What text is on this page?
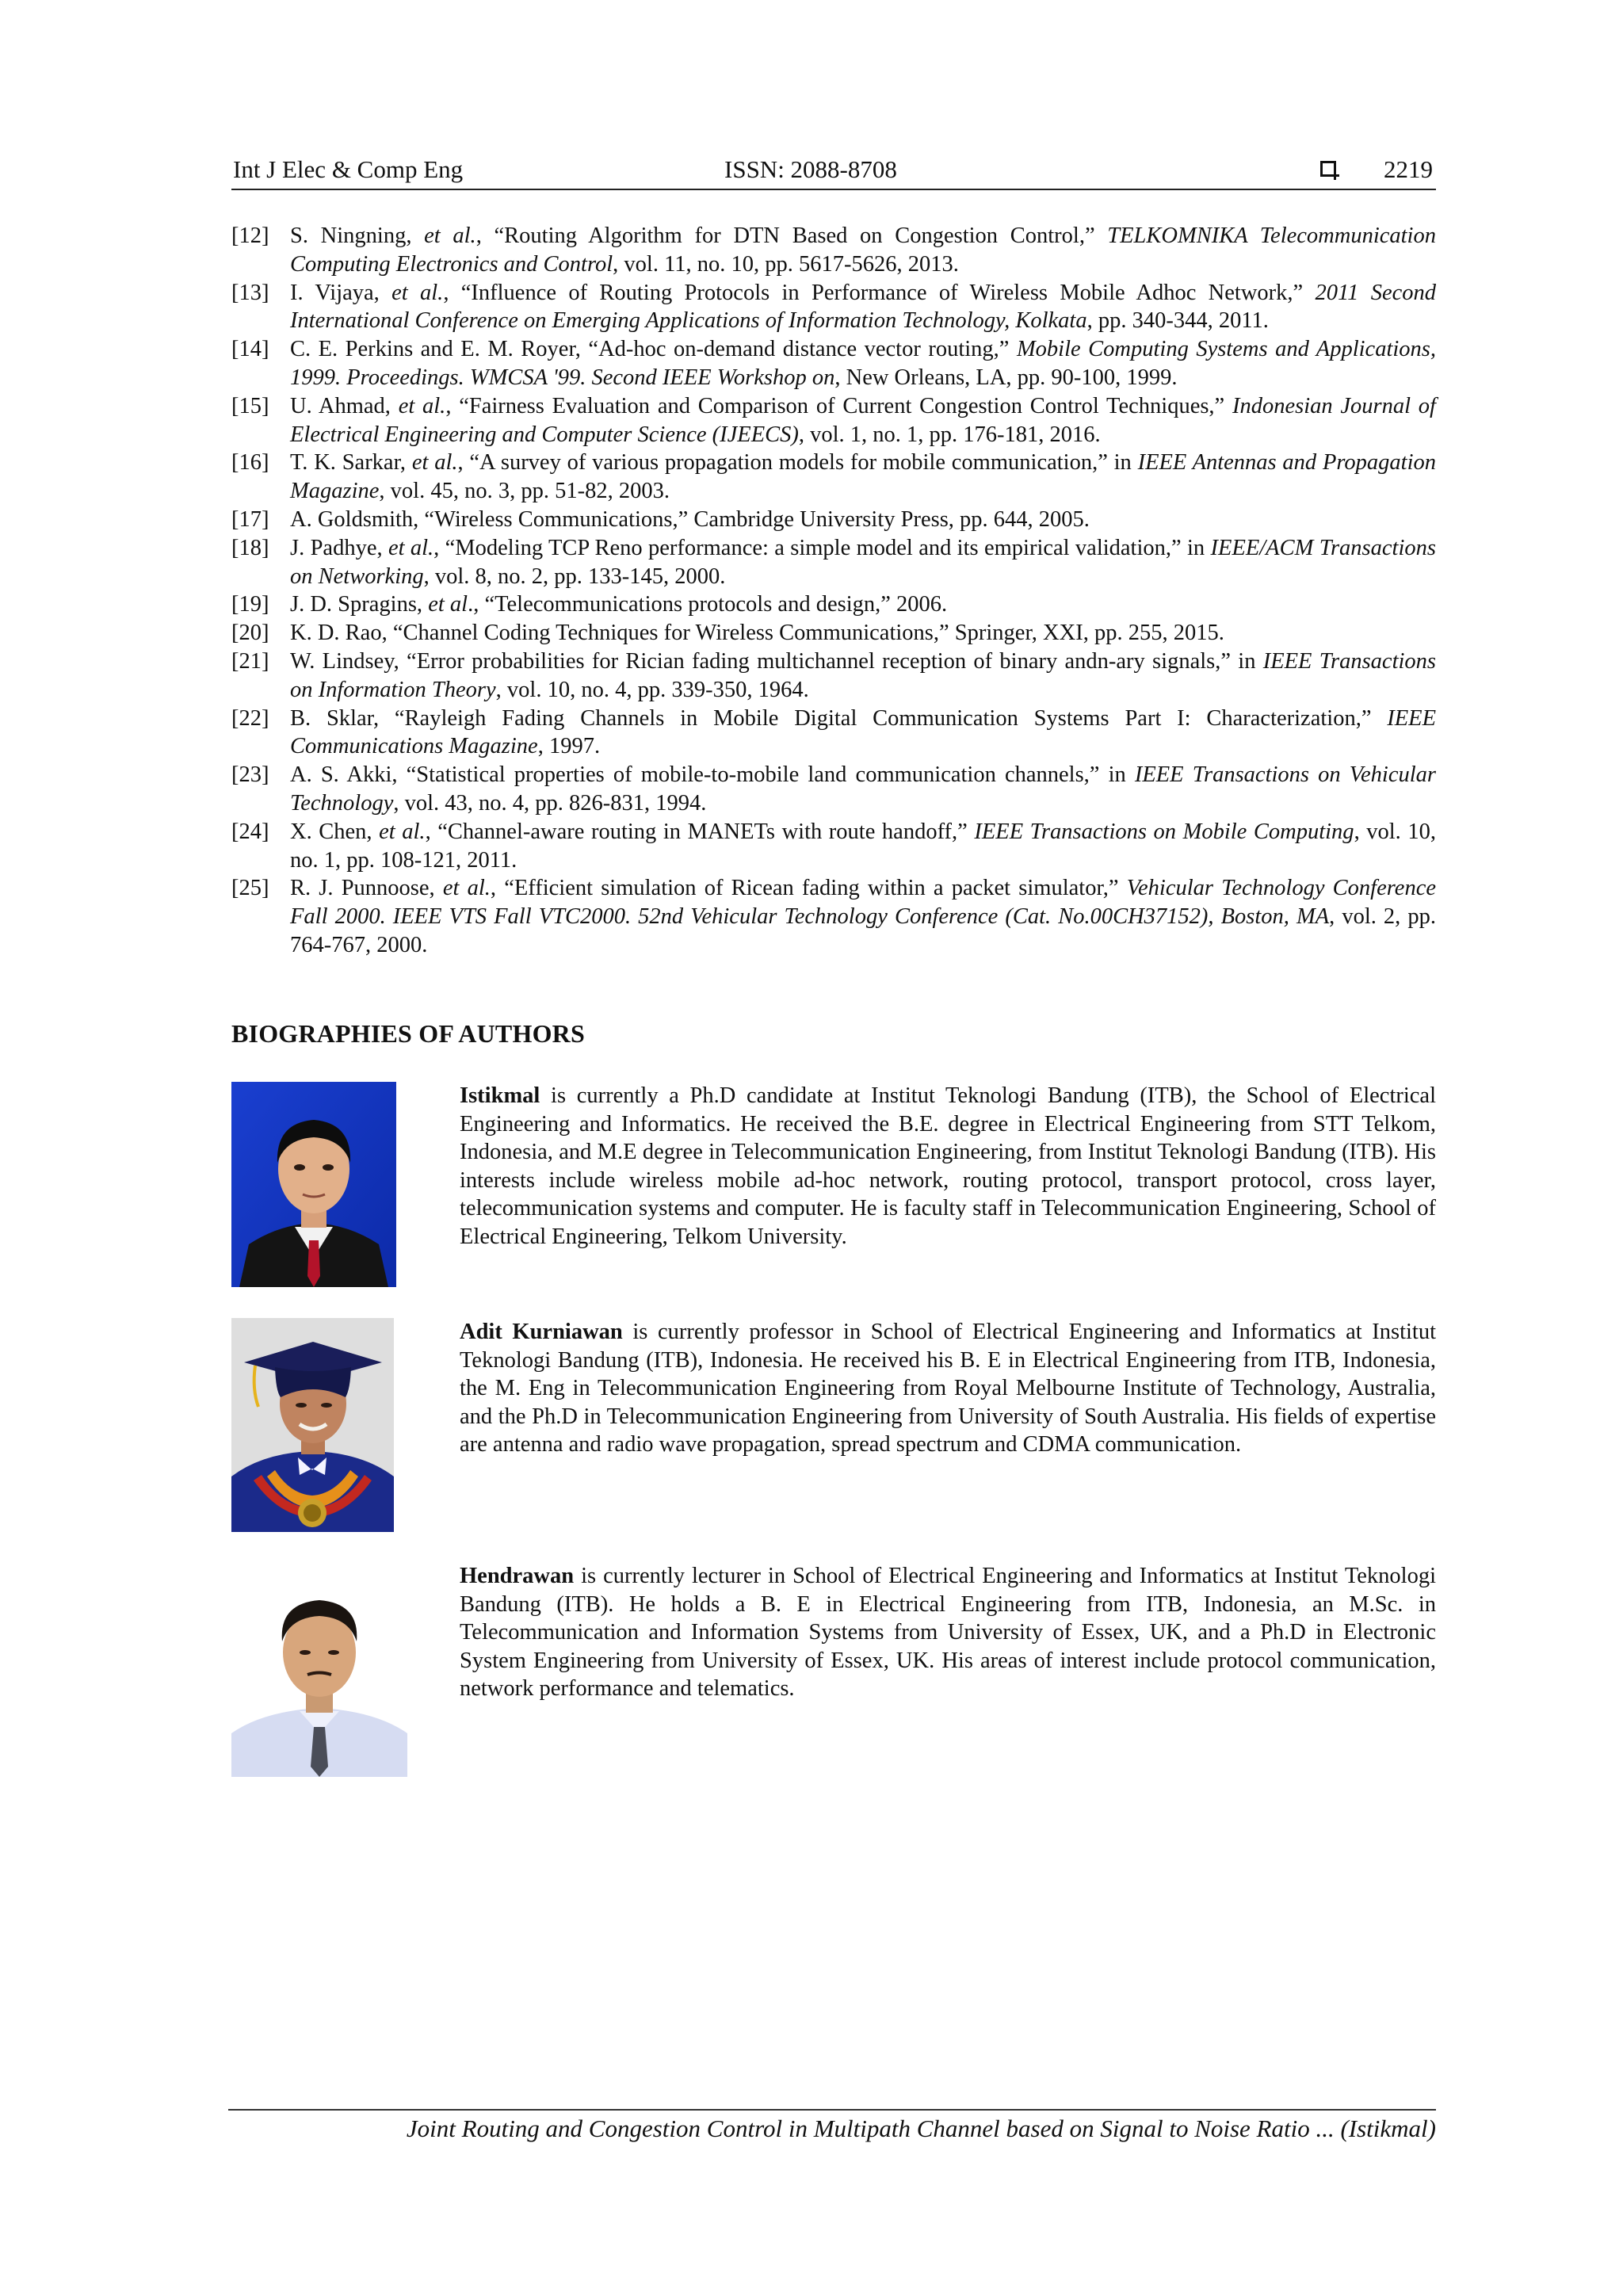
Int J Elec & Comp Eng	ISSN: 2088-8708	2219
[12] S. Ningning, et al., “Routing Algorithm for DTN Based on Congestion Control,” TELKOMNIKA Telecommunication Computing Electronics and Control, vol. 11, no. 10, pp. 5617-5626, 2013.
[13] I. Vijaya, et al., “Influence of Routing Protocols in Performance of Wireless Mobile Adhoc Network,” 2011 Second International Conference on Emerging Applications of Information Technology, Kolkata, pp. 340-344, 2011.
[14] C. E. Perkins and E. M. Royer, “Ad-hoc on-demand distance vector routing,” Mobile Computing Systems and Applications, 1999. Proceedings. WMCSA '99. Second IEEE Workshop on, New Orleans, LA, pp. 90-100, 1999.
[15] U. Ahmad, et al., “Fairness Evaluation and Comparison of Current Congestion Control Techniques,” Indonesian Journal of Electrical Engineering and Computer Science (IJEECS), vol. 1, no. 1, pp. 176-181, 2016.
[16] T. K. Sarkar, et al., “A survey of various propagation models for mobile communication,” in IEEE Antennas and Propagation Magazine, vol. 45, no. 3, pp. 51-82, 2003.
[17] A. Goldsmith, “Wireless Communications,” Cambridge University Press, pp. 644, 2005.
[18] J. Padhye, et al., “Modeling TCP Reno performance: a simple model and its empirical validation,” in IEEE/ACM Transactions on Networking, vol. 8, no. 2, pp. 133-145, 2000.
[19] J. D. Spragins, et al., “Telecommunications protocols and design,” 2006.
[20] K. D. Rao, “Channel Coding Techniques for Wireless Communications,” Springer, XXI, pp. 255, 2015.
[21] W. Lindsey, “Error probabilities for Rician fading multichannel reception of binary andn-ary signals,” in IEEE Transactions on Information Theory, vol. 10, no. 4, pp. 339-350, 1964.
[22] B. Sklar, “Rayleigh Fading Channels in Mobile Digital Communication Systems Part I: Characterization,” IEEE Communications Magazine, 1997.
[23] A. S. Akki, “Statistical properties of mobile-to-mobile land communication channels,” in IEEE Transactions on Vehicular Technology, vol. 43, no. 4, pp. 826-831, 1994.
[24] X. Chen, et al., “Channel-aware routing in MANETs with route handoff,” IEEE Transactions on Mobile Computing, vol. 10, no. 1, pp. 108-121, 2011.
[25] R. J. Punnoose, et al., “Efficient simulation of Ricean fading within a packet simulator,” Vehicular Technology Conference Fall 2000. IEEE VTS Fall VTC2000. 52nd Vehicular Technology Conference (Cat. No.00CH37152), Boston, MA, vol. 2, pp. 764-767, 2000.
BIOGRAPHIES OF AUTHORS
Istikmal is currently a Ph.D candidate at Institut Teknologi Bandung (ITB), the School of Electrical Engineering and Informatics. He received the B.E. degree in Electrical Engineering from STT Telkom, Indonesia, and M.E degree in Telecommunication Engineering, from Institut Teknologi Bandung (ITB). His interests include wireless mobile ad-hoc network, routing protocol, transport protocol, cross layer, telecommunication systems and computer. He is faculty staff in Telecommunication Engineering, School of Electrical Engineering, Telkom University.
Adit Kurniawan is currently professor in School of Electrical Engineering and Informatics at Institut Teknologi Bandung (ITB), Indonesia. He received his B. E in Electrical Engineering from ITB, Indonesia, the M. Eng in Telecommunication Engineering from Royal Melbourne Institute of Technology, Australia, and the Ph.D in Telecommunication Engineering from University of South Australia. His fields of expertise are antenna and radio wave propagation, spread spectrum and CDMA communication.
Hendrawan is currently lecturer in School of Electrical Engineering and Informatics at Institut Teknologi Bandung (ITB). He holds a B. E in Electrical Engineering from ITB, Indonesia, an M.Sc. in Telecommunication and Information Systems from University of Essex, UK, and a Ph.D in Electronic System Engineering from University of Essex, UK. His areas of interest include protocol communication, network performance and telematics.
Joint Routing and Congestion Control in Multipath Channel based on Signal to Noise Ratio ... (Istikmal)
